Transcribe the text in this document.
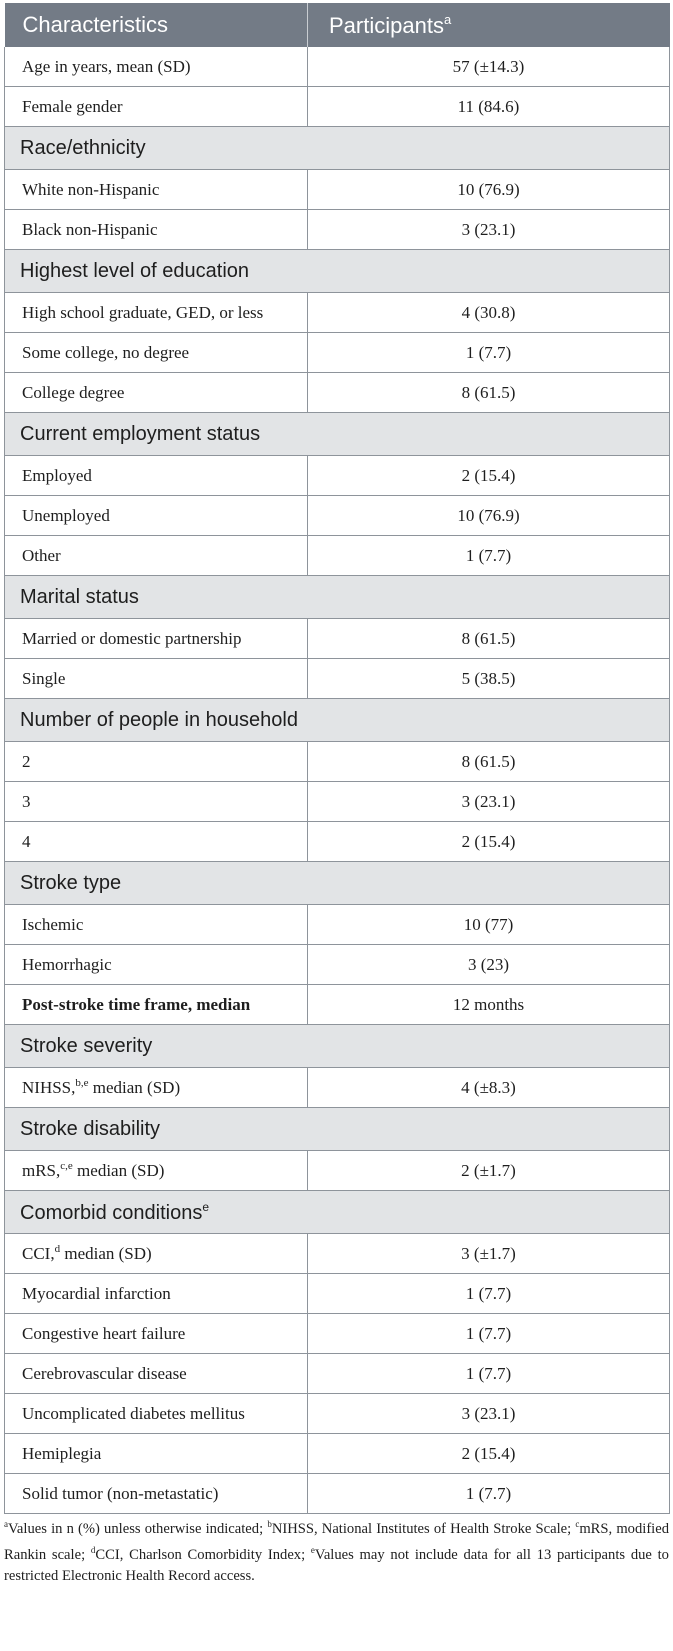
Characteristics	Participants$^a$
Age in years, mean (SD)	57 (±14.3)
Female gender	11 (84.6)
Race/ethnicity	
White non-Hispanic	10 (76.9)
Black non-Hispanic	3 (23.1)
Highest level of education	
High school graduate, GED, or less	4 (30.8)
Some college, no degree	1 (7.7)
College degree	8 (61.5)
Current employment status	
Employed	2 (15.4)
Unemployed	10 (76.9)
Other	1 (7.7)
Marital status	
Married or domestic partnership	8 (61.5)
Single	5 (38.5)
Number of people in household	
2	8 (61.5)
3	3 (23.1)
4	2 (15.4)
Stroke type	
Ischemic	10 (77)
Hemorrhagic	3 (23)
Post-stroke time frame, median	12 months
Stroke severity	
NIHSS,$^{b,e}$ median (SD)	4 (±8.3)
Stroke disability	
mRS,$^{c,e}$ median (SD)	2 (±1.7)
Comorbid conditions$^e$
CCI,$^d$ median (SD)	3 (±1.7)
Myocardial infarction	1 (7.7)
Congestive heart failure	1 (7.7)
Cerebrovascular disease	1 (7.7)
Uncomplicated diabetes mellitus	3 (23.1)
Hemiplegia	2 (15.4)
Solid tumor (non-metastatic)	1 (7.7)
$^a$Values in n (%) unless otherwise indicated; $^b$NIHSS, National Institutes of Health Stroke Scale; $^c$mRS, modified Rankin scale; $^d$CCI, Charlson Comorbidity Index; $^e$Values may not include data for all 13 participants due to restricted Electronic Health Record access.
